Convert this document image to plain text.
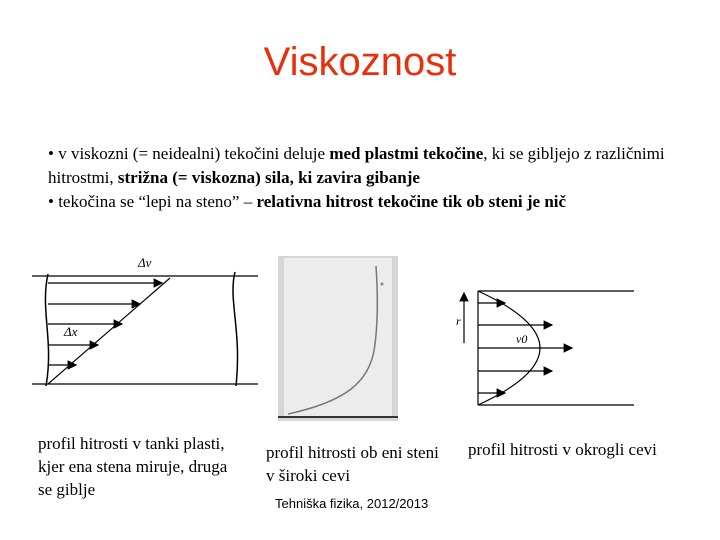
Viskoznost

• v viskozni (= neidealni) tekočini deluje med plastmi tekočine, ki se gibljejo z različnimi hitrostmi, strižna (= viskozna) sila, ki zavira gibanje

• tekočina se “lepi na steno” – relativna hitrost tekočine tik ob steni je nič

Δv
Δx
r
v0
profil hitrosti v tanki plasti, kjer ena stena miruje, druga se giblje
profil hitrosti ob eni steni v široki cevi
profil hitrosti v okrogli cevi
Tehniška fizika, 2012/2013
